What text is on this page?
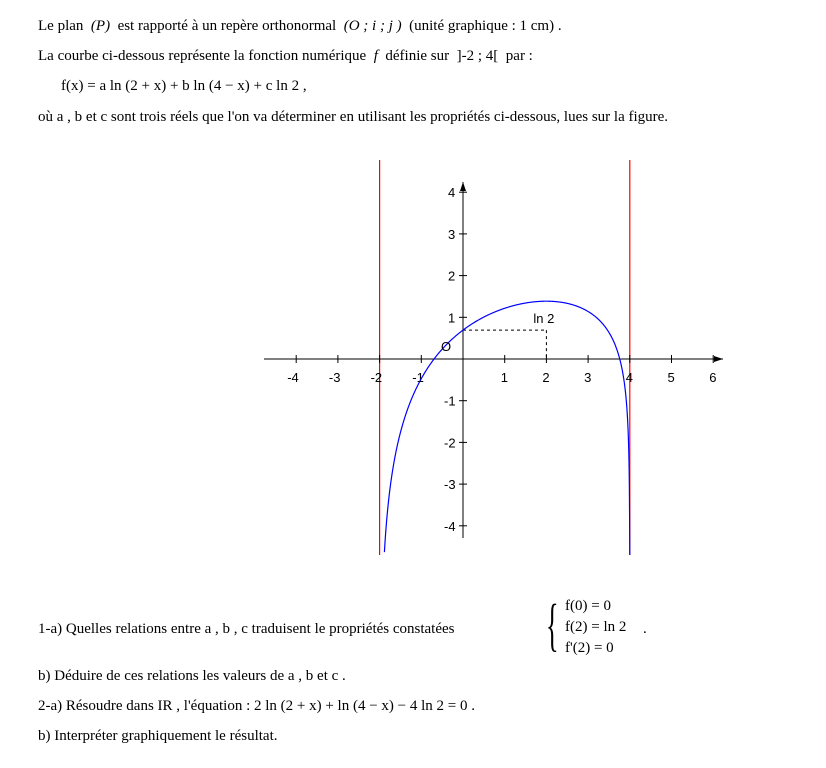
Le plan (P) est rapporté à un repère orthonormal (O ; i ; j ) (unité graphique : 1 cm) .
La courbe ci-dessous représente la fonction numérique f définie sur ]-2 ; 4[ par :
f(x) = a ln (2 + x) + b ln (4 − x) + c ln 2 ,
où a , b et c sont trois réels que l'on va déterminer en utilisant les propriétés ci-dessous, lues sur la figure.
-4 -3 -2 -1	1	2	3	4	5	6
4
3
2
1
-1
-2
-3
-4
O
ln 2
1-a) Quelles relations entre a , b , c traduisent le propriétés constatées { f(0) = 0
f(2) = ln 2
f'(2) = 0
.
b) Déduire de ces relations les valeurs de a , b et c .
2-a) Résoudre dans IR , l'équation : 2 ln (2 + x) + ln (4 − x) − 4 ln 2 = 0 .
b) Interpréter graphiquement le résultat.
